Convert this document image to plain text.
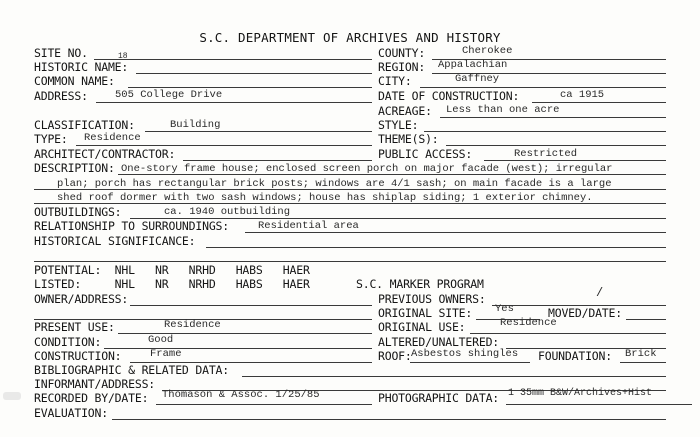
S.C. DEPARTMENT OF ARCHIVES AND HISTORY
SITE NO.	18
HISTORIC NAME:
COMMON NAME:
ADDRESS:	505 College Drive
CLASSIFICATION:	Building
TYPE: Residence
ARCHITECT/CONTRACTOR:
COUNTY:	Cherokee
REGION: Appalachian
CITY:	Gaffney
DATE OF CONSTRUCTION:	ca 1915
ACREAGE: Less than one acre
STYLE:
THEME(S):
PUBLIC ACCESS:	Restricted
DESCRIPTION: One-story frame house; enclosed screen porch on major facade (west); irregular
plan; porch has rectangular brick posts; windows are 4/1 sash; on main facade is a large
shed roof dormer with two sash windows; house has shiplap siding; 1 exterior chimney.
OUTBUILDINGS:	ca. 1940 outbuilding
RELATIONSHIP TO SURROUNDINGS:	Residential area
HISTORICAL SIGNIFICANCE:
POTENTIAL:  NHL   NR   NRHD   HABS   HAER
LISTED:     NHL   NR   NRHD   HABS   HAER	S.C. MARKER PROGRAM
OWNER/ADDRESS:	PREVIOUS OWNERS:	/
ORIGINAL SITE: Yes	MOVED/DATE:
PRESENT USE:	Residence	ORIGINAL USE:	Residence
CONDITION:	Good	ALTERED/UNALTERED:
CONSTRUCTION:	Frame	ROOF: Asbestos shingles FOUNDATION: Brick
BIBLIOGRAPHIC & RELATED DATA:
INFORMANT/ADDRESS:
RECORDED BY/DATE: Thomason & Assoc. 1/25/85	PHOTOGRAPHIC DATA: 1 35mm B&W/Archives+Hist
EVALUATION:
